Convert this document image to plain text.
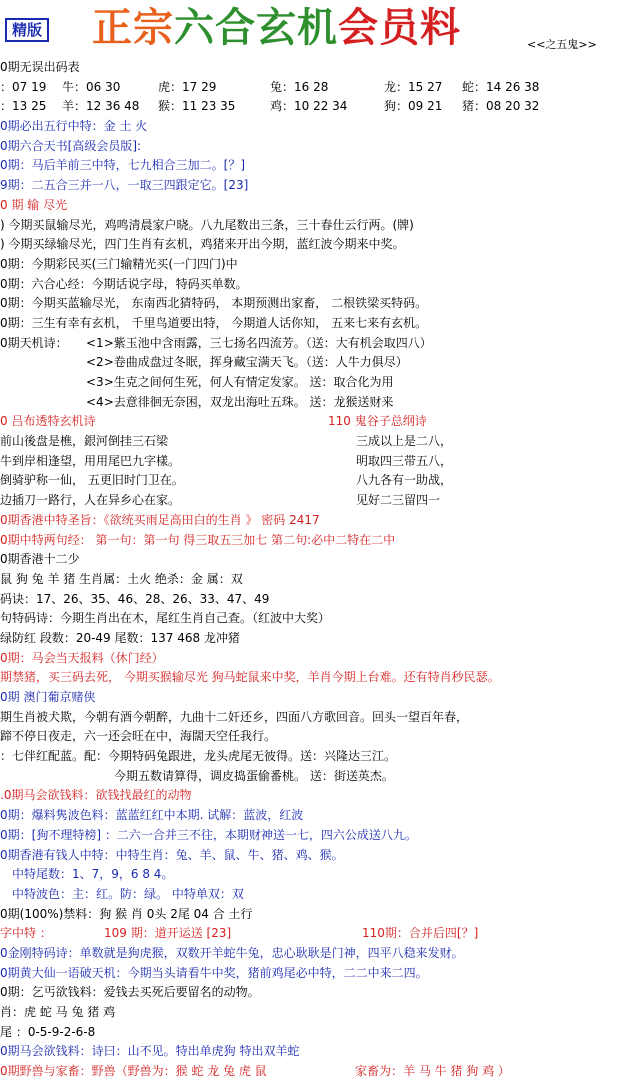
精版 正宗六合玄机会员料	<<之五鬼>>
0期无误出码表
：07 19 牛：06 30	虎：17 29	兔：16 28	龙：15 27 蛇：14 26 38
：13 25 羊：12 36 48 猴：11 23 35	鸡：10 22 34	狗：09 21 猪：08 20 32
0期必出五行中特：金 土 火
0期六合天书[高级会员版]:
0期：马后羊前三中特，七九相合三加二。[？]
9期：二五合三并一八，一取三四跟定它。[23]
0 期 输 尽光
) 今期买鼠输尽光，鸡鸣清晨家户晓。八九尾数出三条，三十春仕云行两。(牌)
) 今期买绿输尽光，四门生肖有玄机，鸡猪来开出今期，蓝红波今期来中奖。
0期：今期彩民买(三门输精光买(一门四门)中
0期：六合心经：今期话说字母，特码买单数。
0期：今期买蓝输尽光， 东南西北猜特码， 本期预测出家畜， 二根铁梁买特码。
0期：三生有幸有玄机， 千里鸟道要出特， 今期道人话你知， 五来七来有玄机。
0期天机诗： <1>紫玉池中含雨露，三七扬名四流芳。（送：大有机会取四八）
<2>卷曲成盘过冬眠，挥身藏宝满天飞。（送：人牛力俱尽）
<3>生克之间何生死，何人有情定发家。 送：取合化为用
<4>去意徘徊无奈困，双龙出海吐五珠。 送：龙猴送财来
0 吕布透特玄机诗	110 鬼谷子总纲诗
前山後盘是樵，銀河倒挂三石梁	三成以上是二八，
牛到岸相逢望，用用尾巴九字樣。	明取四三带五八，
倒骑驴称一仙， 五更旧时门卫在。	八九各有一助战，
边插刀一路行，人在异乡心在家。	见好二三留四一
0期香港中特圣旨：《欲统买雨足高田白的生肖 》 密码 2417
0期中特两句经： 第一句：第一句 得三取五三加七 第二句:必中二特在二中
0期香港十二少
鼠 狗 兔 羊 猪 生肖属：土火 绝杀：金 属：双
码诀：17、26、35、46、28、26、33、47、49
句特码诗：今期生肖出在木，尾红生肖自己查。（红波中大奖）
绿防红 段数：20-49 尾数：137 468 龙冲猪
0期：马会当天报料（休门经）
期禁猪，买三码去死， 今期买猴输尽光 狗马蛇鼠来中奖，羊肖今期上台难。还有特肖秒民瑟。
0期 澳门葡京赌侠
期生肖被犬欺，今朝有酒今朝醉，九曲十二奸还乡，四面八方歌回音。回头一望百年春，
蹄不停日夜走，六一还会旺在中，海闊天空任我行。
：七伴红配蓝。配：今期特码兔跟进，龙头虎尾无彼得。送：兴隆达三江。
今期五数请算得，调皮捣蛋偷番桃。 送：街送英杰。
.0期马会欲钱料：欲钱找最红的动物
0期：爆料隽波色料：蓝蓝红红中本期. 试解：蓝波，红波
0期：[狗不理特榜] ：二六一合并三不往，本期财神送一七，四六公成送八九。
0期香港有钱人中特：中特生肖：兔、羊、鼠、牛、猪、鸡、猴。
中特尾数：1、7，9，6 8 4。
中特波色：主：红。防：绿。 中特单双：双
0期(100%)禁料：狗 猴 肖 0头 2尾 04 合 土行
字中特 ：	109 期：道开运送 [23]	110期：合并后四[？]
0金刚特码诗：单数就是狗虎猴，双数开羊蛇牛兔，忠心耿耿是门神，四平八稳来发财。
0期黄大仙一语破天机：今期当头请看牛中奖，猪前鸡尾必中特，二二中来二四。
0期：乞丐欲钱料：爱钱去买死后要留名的动物。
肖：虎 蛇 马 兔 猪 鸡
尾 ：0-5-9-2-6-8
0期马会欲钱料：诗曰：山不见。特出单虎狗 特出双羊蛇
0期野兽与家畜：野兽（野兽为：猴 蛇 龙 兔 虎 鼠	家畜为：羊 马 牛 猪 狗 鸡 ）
